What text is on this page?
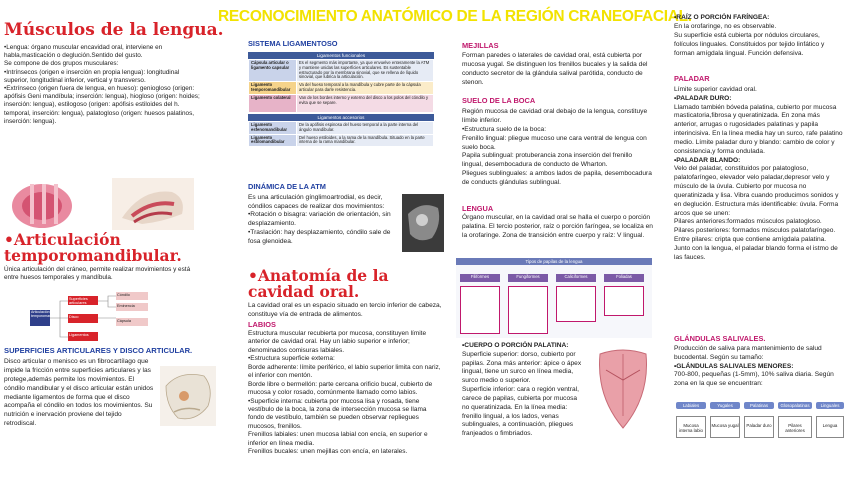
RECONOCIMIENTO ANATÓMICO DE LA REGIÓN CRANEOFACIAL.
Músculos de la lengua.
•Lengua: órgano muscular encavidad oral, interviene en habla,masticación o deglución.Sentido del gusto.
Se compone de dos grupos musculares:
•Intrínsecos (origen e inserción en propia lengua): longitudinal superior, longitudinal inferior, vertical y transverso.
•Extrínseco (origen fuera de lengua, en hueso): geniogloso (origen: apófisis Geni mandíbula; inserción: lengua), hiogloso (origen: hoides; inserción: lengua), estilogoso (origen: apófisis estiloides del h. temporal, inserción: lengua), palatogloso (origen: huesos palatinos, inserción: lengua).
•Articulación temporomandibular.
Única articulación del cráneo, permite realizar movimientos y está entre huesos temporales y mandíbula.
Articulación temporomandibular
Superficies articulares
Disco
Ligamentos
Cóndilo
Eminencia
Cápsula
SUPERFICIES ARTICULARES Y DISCO ARTICULAR.
Disco articular o menisco es un fibrocartílago que impide la fricción entre superficies articulares y las protege,además permite los movimientos. El cóndilo mandibular y el disco articular están unidos mediante ligamentos de forma que el disco acompaña el cóndilo en todos los movimientos. Su nutrición e inervación proviene del tejido retrodiscal.
SISTEMA LIGAMENTOSO
Ligamentos funcionales
Cápsula articular o ligamento capsular	Es el segmento más importante, ya que envuelve enteramente la ATM y mantiene unidas las superficies articulares. Es sustentable estructurado por la membrana sinovial, que se rellena de líquido sinovial, que lubrica la articulación.
Ligamento temporomandibular	Va del hueso temporal a la mandíbula y cubre parte de la cápsula articular para darle resistencia.
Ligamento colateral	Van de los bordes interno y externo del disco a los polos del cóndilo y evita que se separe.
Ligamentos accesorios
Ligamento esfenomandibular	De la apófisis espinosa del hueso temporal a la parte interna del ángulo mandibular.
Ligamento estilomandibular	Del hueso estiloides, a la rama de la mandíbula. Situado en la parte interna de la rama mandibular.
DINÁMICA DE LA ATM
Es una articulación gínglimoartrodial, es decir, cóndilos capaces de realizar dos movimientos:
•Rotación o bisagra: variación de orientación, sin desplazamiento.
•Traslación: hay desplazamiento, cóndilo sale de fosa glenoidea.
•Anatomía de la cavidad oral.
La cavidad oral es un espacio situado en tercio inferior de cabeza, constituye vía de entrada de alimentos.
LABIOS
Estructura muscular recubierta por mucosa, constituyen límite anterior de cavidad oral. Hay un labio superior e inferior; denominados comisuras labiales.
•Estructura superficie externa:
Borde adherente: límite periférico, el labio superior limita con nariz, el inferior con mentón.
Borde libre o bermellón: parte cercana orificio bucal, cubierto de mucosa y color rosado, comúnmente llamado como labios.
•Superficie interna: cubierta por mucosa lisa y rosada, tiene vestíbulo de la boca, la zona de intersección mucosa se llama fondo de vestíbulo, también se pueden observar repliegues mucosos, frenillos.
Frenillos labiales: unen mucosa labial con encía, en superior e inferior en línea media.
Frenillos bucales: unen mejillas con encía, en laterales.
MEJILLAS
Forman paredes o laterales de cavidad oral, está cubierta por mucosa yugal. Se distinguen los frenillos bucales y la salida del conducto secretor de la glándula salival parótida, conducto de stenon.
SUELO DE LA BOCA
Región mucosa de cavidad oral debajo de la lengua, constituye límite inferior.
•Estructura suelo de la boca:
Frenillo lingual: pliegue mucoso une cara ventral de lengua con suelo boca.
Papila sublingual: protuberancia zona inserción del frenillo lingual, desembocadura de conducto de Wharton.
Pliegues sublinguales: a ambos lados de papila, desembocadura de conducts glándulas sublingual.
LENGUA
Órgano muscular, en la cavidad oral se halla el cuerpo o porción palatina. El tercio posterior, raíz o porción faríngea, se localiza en la orofaringe. Zona de transición entre cuerpo y raíz: V lingual.
Tipos de papilas de la lengua
Filiformes	Fungiformes	Caliciformes	Foliadas
•CUERPO O PORCIÓN PALATINA:
Superficie superior: dorso, cubierto por papilas. Zona más anterior: ápice o ápex lingual, tiene un surco en línea media, surco medio o superior.
Superficie inferior: cara o región ventral, carece de papilas, cubierta por mucosa no queratinizada. En la línea media: frenillo lingual, a los lados, venas sublinguales, a continuación, pliegues franjeados o fimbriados.
•RAÍZ O PORCIÓN FARÍNGEA:
En la orofaringe, no es observable.
Su superficie está cubierta por nódulos circulares, folículos linguales. Constituidos por tejido linfático y forman amígdala lingual. Función defensiva.
PALADAR
Límite superior cavidad oral.
•PALADAR DURO:
Llamado también bóveda palatina, cubierto por mucosa masticatoria,fibrosa y queratinizada. En zona más anterior, arrugas o rugosidades palatinas y papila interincisiva. En la línea media hay un surco, rafe palatino medio. Límite paladar duro y blando: cambio de color y consistencia,y forma ondulada.
•PALADAR BLANDO:
Velo del paladar, constituidos por palatogloso, palatofaríngeo, elevador velo paladar,depresor velo y músculo de la úvula. Cubierto por mucosa no queratinizada y lisa. Vibra cuando producimos sonidos y en deglución. Estructura más identificable: úvula. Forma arcos que se unen:
Pilares anteriores:formados músculos palatogloso.
Pilares posteriores: formados músculos palatofaríngeo.
Entre pilares: cripta que contiene amígdala palatina.
Junto con la lengua, el paladar blando forma el istmo de las fauces.
GLÁNDULAS SALIVALES.
Producción de saliva para mantenimiento de salud bucodental. Según su tamaño:
•GLÁNDULAS SALIVALES MENORES:
700-800, pequeñas (1-5mm), 10% saliva diaria. Según zona en la que se encuentran:
Labiales	Yugales	Palatinas	Glosopalatinas	Linguales
Mucosa interna labio
Mucosa yugal	Paladar duro	Pilares anteriores
Lengua
